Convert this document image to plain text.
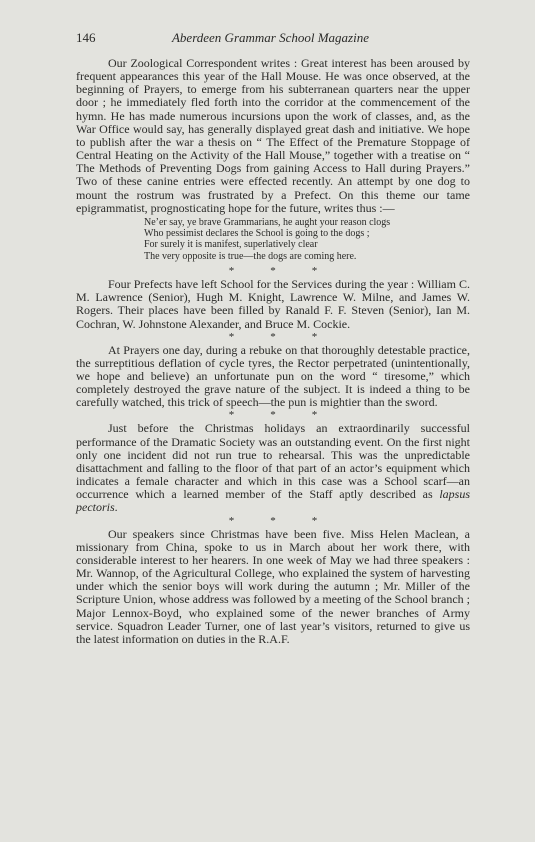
146	Aberdeen Grammar School Magazine

Our Zoological Correspondent writes : Great interest has been aroused by frequent appearances this year of the Hall Mouse. He was once observed, at the beginning of Prayers, to emerge from his subterranean quarters near the upper door ; he immediately fled forth into the corridor at the commencement of the hymn. He has made numerous incursions upon the work of classes, and, as the War Office would say, has generally displayed great dash and initiative. We hope to publish after the war a thesis on “ The Effect of the Premature Stoppage of Central Heating on the Activity of the Hall Mouse,” together with a treatise on “ The Methods of Preventing Dogs from gaining Access to Hall during Prayers.” Two of these canine entries were effected recently. An attempt by one dog to mount the rostrum was frustrated by a Prefect. On this theme our tame epigrammatist, prognosticating hope for the future, writes thus :—

Ne’er say, ye brave Grammarians, he aught your reason clogs
Who pessimist declares the School is going to the dogs ;
For surely it is manifest, superlatively clear
The very opposite is true—the dogs are coming here.
*	*	*

Four Prefects have left School for the Services during the year : William C. M. Lawrence (Senior), Hugh M. Knight, Lawrence W. Milne, and James W. Rogers. Their places have been filled by Ranald F. F. Steven (Senior), Ian M. Cochran, W. Johnstone Alexander, and Bruce M. Cockie.

*	*	*

At Prayers one day, during a rebuke on that thoroughly detestable practice, the surreptitious deflation of cycle tyres, the Rector perpetrated (unintentionally, we hope and believe) an unfortunate pun on the word “ tiresome,” which completely destroyed the grave nature of the subject. It is indeed a thing to be carefully watched, this trick of speech—the pun is mightier than the sword.

*	*	*

Just before the Christmas holidays an extraordinarily successful performance of the Dramatic Society was an outstanding event. On the first night only one incident did not run true to rehearsal. This was the unpredictable disattachment and falling to the floor of that part of an actor’s equipment which indicates a female character and which in this case was a School scarf—an occurrence which a learned member of the Staff aptly described as lapsus pectoris.

*	*	*

Our speakers since Christmas have been five. Miss Helen Maclean, a missionary from China, spoke to us in March about her work there, with considerable interest to her hearers. In one week of May we had three speakers : Mr. Wannop, of the Agricultural College, who explained the system of harvesting under which the senior boys will work during the autumn ; Mr. Miller of the Scripture Union, whose address was followed by a meeting of the School branch ; Major Lennox-Boyd, who explained some of the newer branches of Army service. Squadron Leader Turner, one of last year’s visitors, returned to give us the latest information on duties in the R.A.F.
